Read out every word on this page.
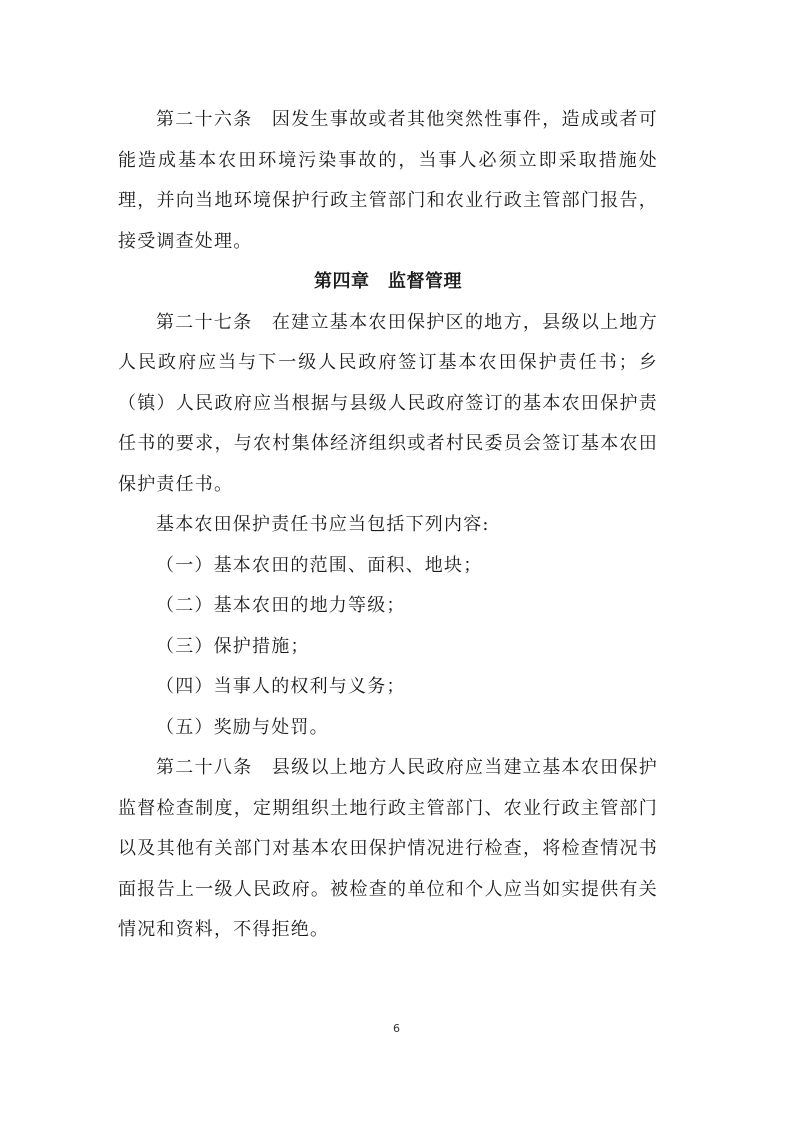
第二十六条　因发生事故或者其他突然性事件，造成或者可能造成基本农田环境污染事故的，当事人必须立即采取措施处理，并向当地环境保护行政主管部门和农业行政主管部门报告，接受调查处理。

第四章　监督管理

第二十七条　在建立基本农田保护区的地方，县级以上地方人民政府应当与下一级人民政府签订基本农田保护责任书；乡（镇）人民政府应当根据与县级人民政府签订的基本农田保护责任书的要求，与农村集体经济组织或者村民委员会签订基本农田保护责任书。

基本农田保护责任书应当包括下列内容:

（一）基本农田的范围、面积、地块；

（二）基本农田的地力等级；

（三）保护措施；

（四）当事人的权利与义务；

（五）奖励与处罚。

第二十八条　县级以上地方人民政府应当建立基本农田保护监督检查制度，定期组织土地行政主管部门、农业行政主管部门以及其他有关部门对基本农田保护情况进行检查，将检查情况书面报告上一级人民政府。被检查的单位和个人应当如实提供有关情况和资料，不得拒绝。

6
